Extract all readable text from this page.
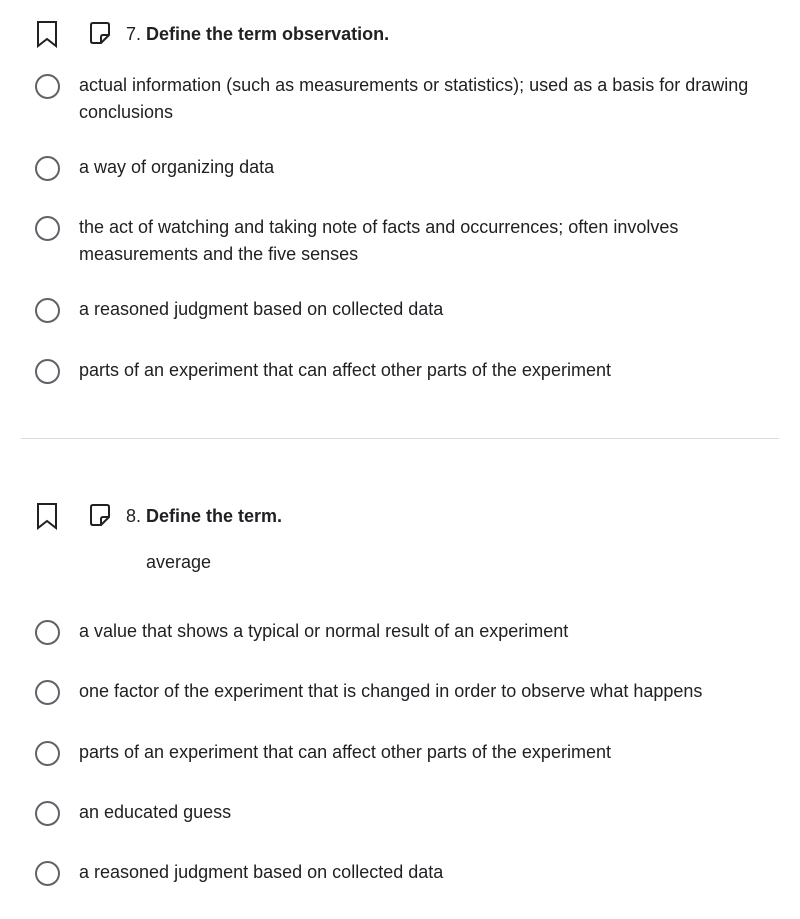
7. Define the term observation.
actual information (such as measurements or statistics); used as a basis for drawing conclusions
a way of organizing data
the act of watching and taking note of facts and occurrences; often involves measurements and the five senses
a reasoned judgment based on collected data
parts of an experiment that can affect other parts of the experiment
8. Define the term.
average
a value that shows a typical or normal result of an experiment
one factor of the experiment that is changed in order to observe what happens
parts of an experiment that can affect other parts of the experiment
an educated guess
a reasoned judgment based on collected data
